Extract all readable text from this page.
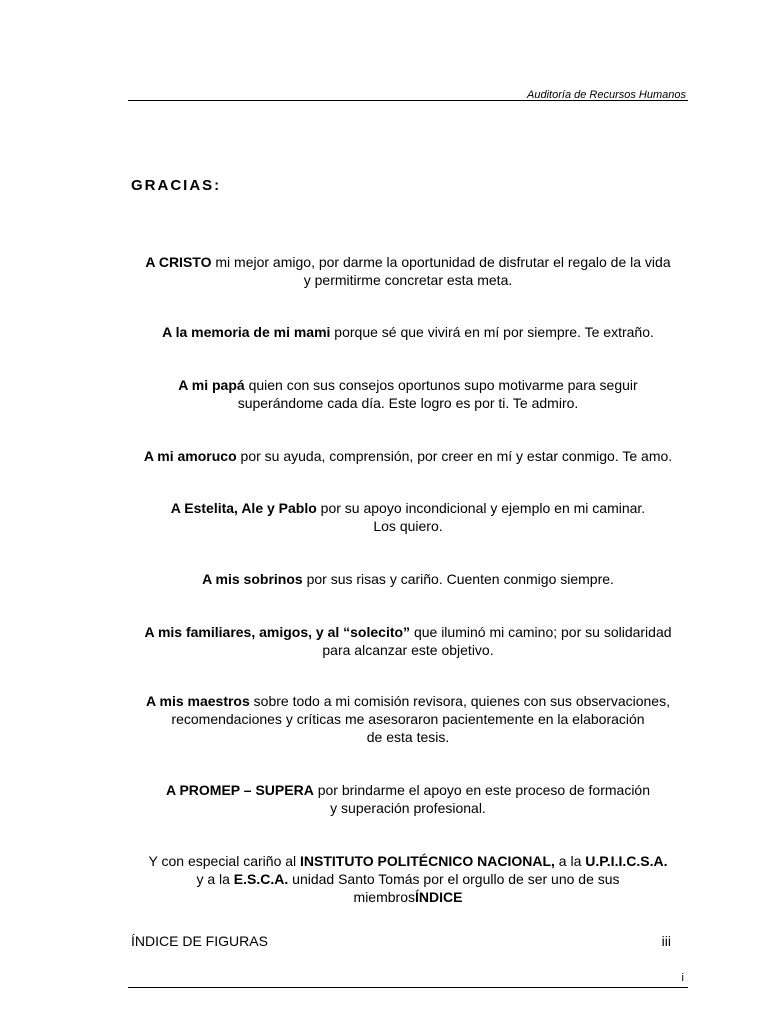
Auditoría de Recursos Humanos
GRACIAS:
A CRISTO mi mejor amigo, por darme la oportunidad de disfrutar el regalo de la vida
y permitirme concretar esta meta.
A la memoria de mi mami porque sé que vivirá en mí por siempre. Te extraño.
A mi papá quien con sus consejos oportunos supo motivarme para seguir
superándome cada día. Este logro es por ti. Te admiro.
A mi amoruco por su ayuda, comprensión, por creer en mí y estar conmigo. Te amo.
A Estelita, Ale y Pablo por su apoyo incondicional y ejemplo en mi caminar.
Los quiero.
A mis sobrinos por sus risas y cariño. Cuenten conmigo siempre.
A mis familiares, amigos, y al “solecito” que iluminó mi camino; por su solidaridad
para alcanzar este objetivo.
A mis maestros sobre todo a mi comisión revisora, quienes con sus observaciones,
recomendaciones y críticas me asesoraron pacientemente en la elaboración
de esta tesis.
A PROMEP – SUPERA por brindarme el apoyo en este proceso de formación
y superación profesional.
Y con especial cariño al INSTITUTO POLITÉCNICO NACIONAL, a la U.P.I.I.C.S.A.
y a la E.S.C.A. unidad Santo Tomás por el orgullo de ser uno de sus
miembrosÍNDICE
ÍNDICE DE FIGURAS	iii
i
